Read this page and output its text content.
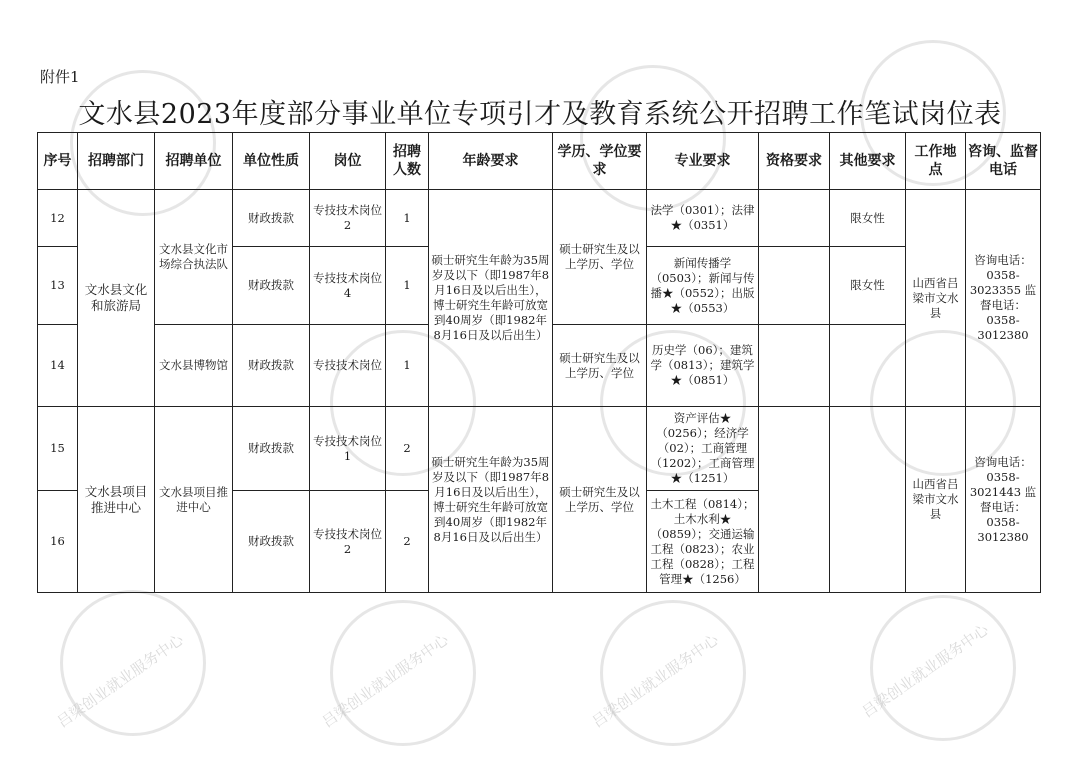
吕梁创业就业服务中心	吕梁创业就业服务中心	吕梁创业就业服务中心	吕梁创业就业服务中心
附件1
文水县2023年度部分事业单位专项引才及教育系统公开招聘工作笔试岗位表
序号	招聘部门	招聘单位	单位性质	岗位	招聘人数	年龄要求	学历、学位要求	专业要求	资格要求	其他要求	工作地点	咨询、监督电话
12	文水县文化和旅游局	文水县文化市场综合执法队	财政拨款	专技技术岗位2	1	硕士研究生年龄为35周岁及以下（即1987年8月16日及以后出生），博士研究生年龄可放宽到40周岁（即1982年8月16日及以后出生）	硕士研究生及以上学历、学位	法学（0301）；法律★（0351）		限女性	山西省吕梁市文水县	咨询电话：0358-3023355 监督电话：0358-3012380
13			财政拨款	专技技术岗位4	1			新闻传播学（0503）；新闻与传播★（0552）；出版★（0553）		限女性		
14		文水县博物馆	财政拨款	专技技术岗位	1		硕士研究生及以上学历、学位	历史学（06）；建筑学（0813）；建筑学★（0851）				
15	文水县项目推进中心	文水县项目推进中心	财政拨款	专技技术岗位1	2	硕士研究生年龄为35周岁及以下（即1987年8月16日及以后出生），博士研究生年龄可放宽到40周岁（即1982年8月16日及以后出生）	硕士研究生及以上学历、学位	资产评估★（0256）；经济学（02）；工商管理（1202）；工商管理★（1251）			山西省吕梁市文水县	咨询电话：0358-3021443 监督电话：0358-3012380
16			财政拨款	专技技术岗位2	2			土木工程（0814）；土木水利★（0859）；交通运输工程（0823）；农业工程（0828）；工程管理★（1256）				
